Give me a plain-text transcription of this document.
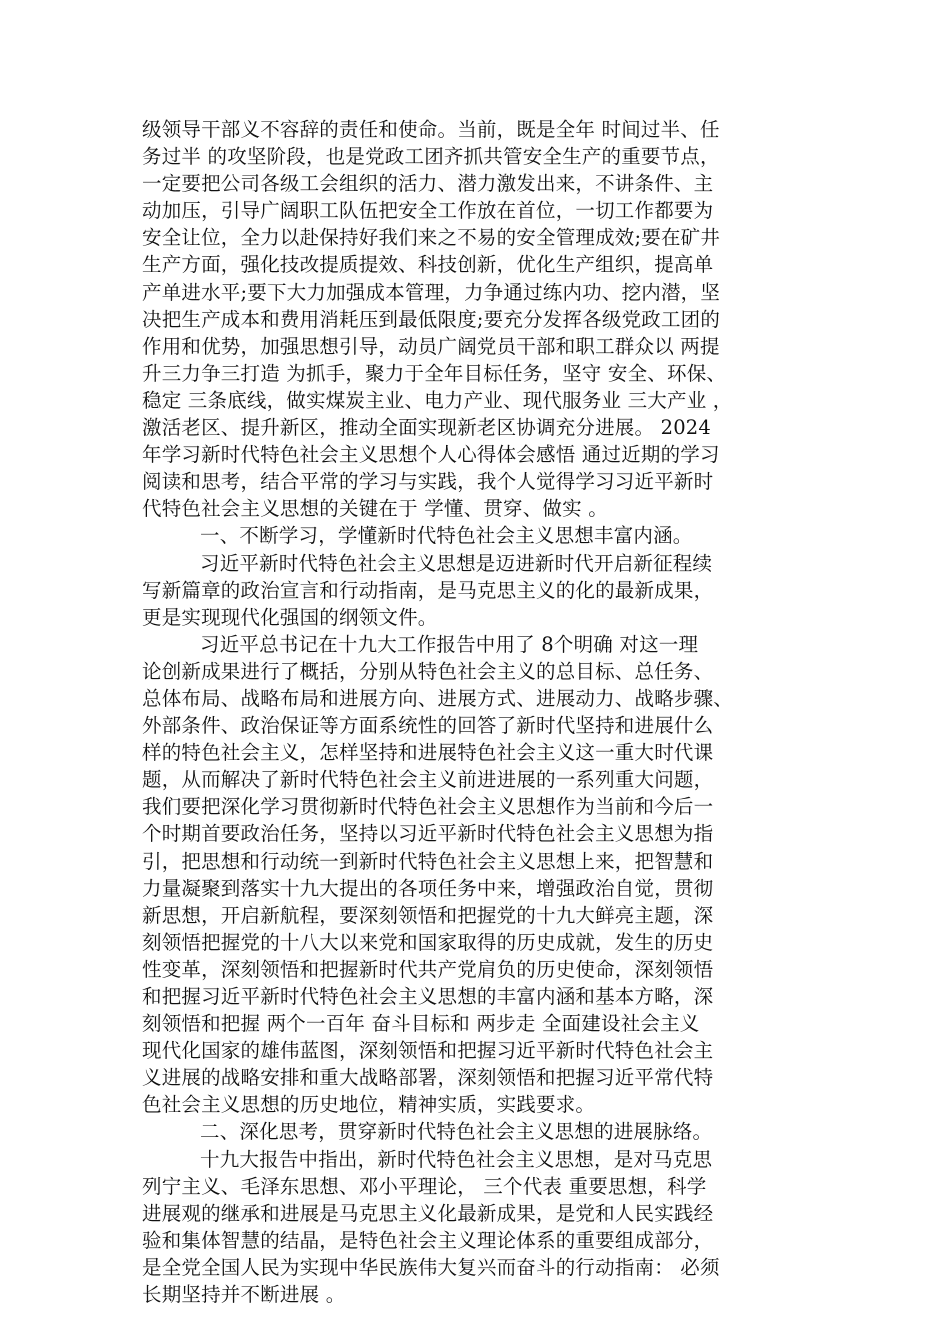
级领导干部义不容辞的责任和使命。当前，既是全年 时间过半、任
务过半 的攻坚阶段，也是党政工团齐抓共管安全生产的重要节点，
一定要把公司各级工会组织的活力、潜力激发出来，不讲条件、主
动加压，引导广阔职工队伍把安全工作放在首位，一切工作都要为
安全让位，全力以赴保持好我们来之不易的安全管理成效;要在矿井
生产方面，强化技改提质提效、科技创新，优化生产组织，提高单
产单进水平;要下大力加强成本管理，力争通过练内功、挖内潜，坚
决把生产成本和费用消耗压到最低限度;要充分发挥各级党政工团的
作用和优势，加强思想引导，动员广阔党员干部和职工群众以 两提
升三力争三打造 为抓手，聚力于全年目标任务，坚守 安全、环保、
稳定 三条底线，做实煤炭主业、电力产业、现代服务业 三大产业 ，
激活老区、提升新区，推动全面实现新老区协调充分进展。 2024
年学习新时代特色社会主义思想个人心得体会感悟 通过近期的学习
阅读和思考，结合平常的学习与实践，我个人觉得学习习近平新时
代特色社会主义思想的关键在于 学懂、贯穿、做实 。
一、不断学习，学懂新时代特色社会主义思想丰富内涵。
习近平新时代特色社会主义思想是迈进新时代开启新征程续
写新篇章的政治宣言和行动指南，是马克思主义的化的最新成果，
更是实现现代化强国的纲领文件。
习近平总书记在十九大工作报告中用了 8个明确 对这一理
论创新成果进行了概括，分别从特色社会主义的总目标、总任务、
总体布局、战略布局和进展方向、进展方式、进展动力、战略步骤、
外部条件、政治保证等方面系统性的回答了新时代坚持和进展什么
样的特色社会主义，怎样坚持和进展特色社会主义这一重大时代课
题，从而解决了新时代特色社会主义前进进展的一系列重大问题，
我们要把深化学习贯彻新时代特色社会主义思想作为当前和今后一
个时期首要政治任务，坚持以习近平新时代特色社会主义思想为指
引，把思想和行动统一到新时代特色社会主义思想上来，把智慧和
力量凝聚到落实十九大提出的各项任务中来，增强政治自觉，贯彻
新思想，开启新航程，要深刻领悟和把握党的十九大鲜亮主题，深
刻领悟把握党的十八大以来党和国家取得的历史成就，发生的历史
性变革，深刻领悟和把握新时代共产党肩负的历史使命，深刻领悟
和把握习近平新时代特色社会主义思想的丰富内涵和基本方略，深
刻领悟和把握 两个一百年 奋斗目标和 两步走 全面建设社会主义
现代化国家的雄伟蓝图，深刻领悟和把握习近平新时代特色社会主
义进展的战略安排和重大战略部署，深刻领悟和把握习近平常代特
色社会主义思想的历史地位，精神实质，实践要求。
二、深化思考，贯穿新时代特色社会主义思想的进展脉络。
十九大报告中指出，新时代特色社会主义思想，是对马克思
列宁主义、毛泽东思想、邓小平理论， 三个代表 重要思想，科学
进展观的继承和进展是马克思主义化最新成果，是党和人民实践经
验和集体智慧的结晶，是特色社会主义理论体系的重要组成部分，
是全党全国人民为实现中华民族伟大复兴而奋斗的行动指南： 必须
长期坚持并不断进展 。
